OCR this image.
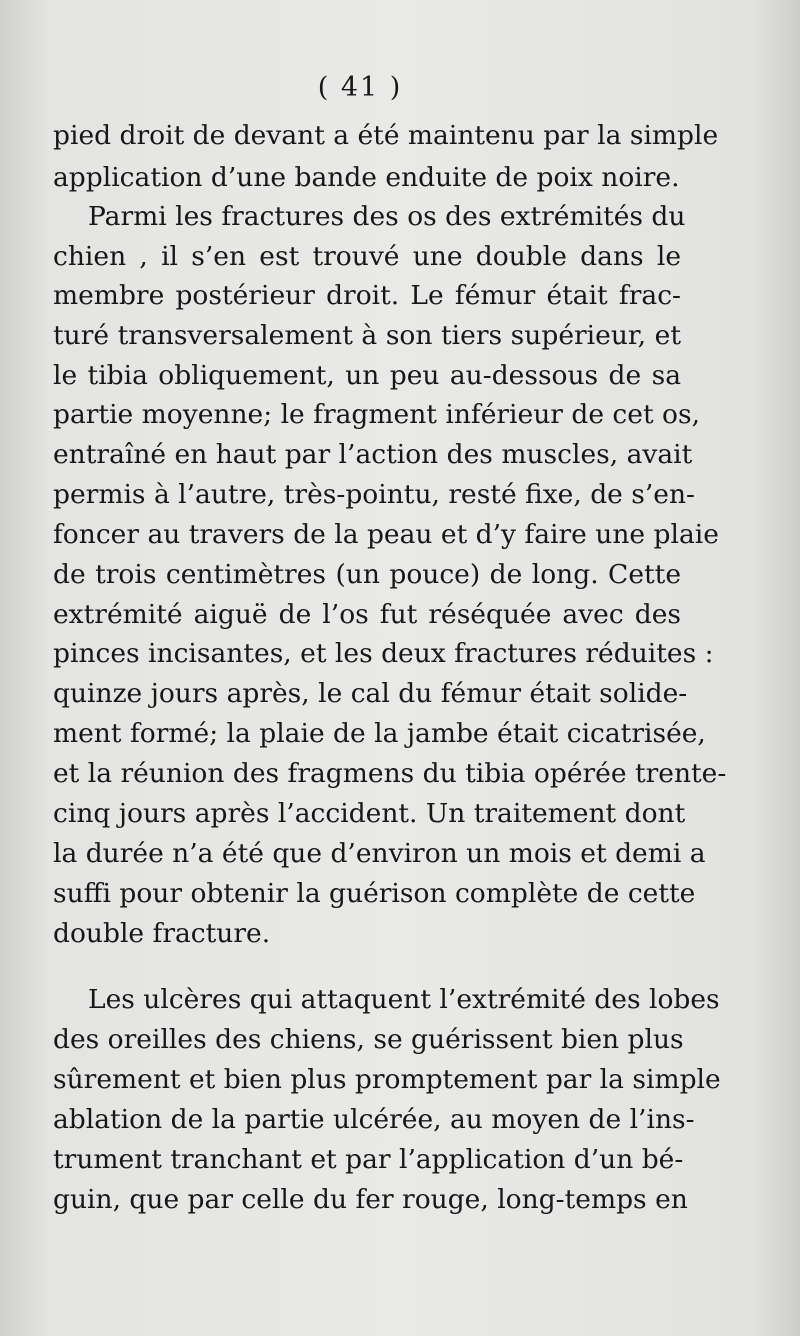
( 41 )
pied droit de devant a été maintenu par la simple
application d’une bande enduite de poix noire.
Parmi les fractures des os des extrémités du
chien , il s’en est trouvé une double dans le
membre postérieur droit. Le fémur était frac-
turé transversalement à son tiers supérieur, et
le tibia obliquement, un peu au-dessous de sa
partie moyenne; le fragment inférieur de cet os,
entraîné en haut par l’action des muscles, avait
permis à l’autre, très-pointu, resté fixe, de s’en-
foncer au travers de la peau et d’y faire une plaie
de trois centimètres (un pouce) de long. Cette
extrémité aiguë de l’os fut réséquée avec des
pinces incisantes, et les deux fractures réduites :
quinze jours après, le cal du fémur était solide-
ment formé; la plaie de la jambe était cicatrisée,
et la réunion des fragmens du tibia opérée trente-
cinq jours après l’accident. Un traitement dont
la durée n’a été que d’environ un mois et demi a
suffi pour obtenir la guérison complète de cette
double fracture.
Les ulcères qui attaquent l’extrémité des lobes
des oreilles des chiens, se guérissent bien plus
sûrement et bien plus promptement par la simple
ablation de la partie ulcérée, au moyen de l’ins-
trument tranchant et par l’application d’un bé-
guin, que par celle du fer rouge, long-temps en
